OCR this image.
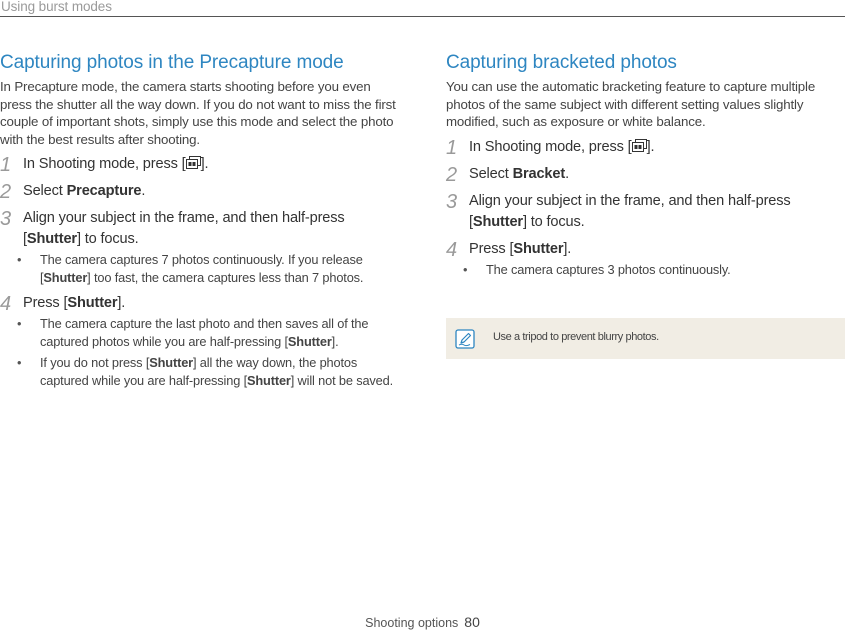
Using burst modes
Capturing photos in the Precapture mode

In Precapture mode, the camera starts shooting before you even press the shutter all the way down. If you do not want to miss the first couple of important shots, simply use this mode and select the photo with the best results after shooting.

1 In Shooting mode, press [ ].
2 Select Precapture.
3 Align your subject in the frame, and then half-press [Shutter] to focus.
• The camera captures 7 photos continuously. If you release [Shutter] too fast, the camera captures less than 7 photos.
4 Press [Shutter].
• The camera capture the last photo and then saves all of the captured photos while you are half-pressing [Shutter].
• If you do not press [Shutter] all the way down, the photos captured while you are half-pressing [Shutter] will not be saved.
Capturing bracketed photos

You can use the automatic bracketing feature to capture multiple photos of the same subject with different setting values slightly modified, such as exposure or white balance.

1 In Shooting mode, press [ ].
2 Select Bracket.
3 Align your subject in the frame, and then half-press [Shutter] to focus.
4 Press [Shutter].
• The camera captures 3 photos continuously.
Use a tripod to prevent blurry photos.
Shooting options 80
